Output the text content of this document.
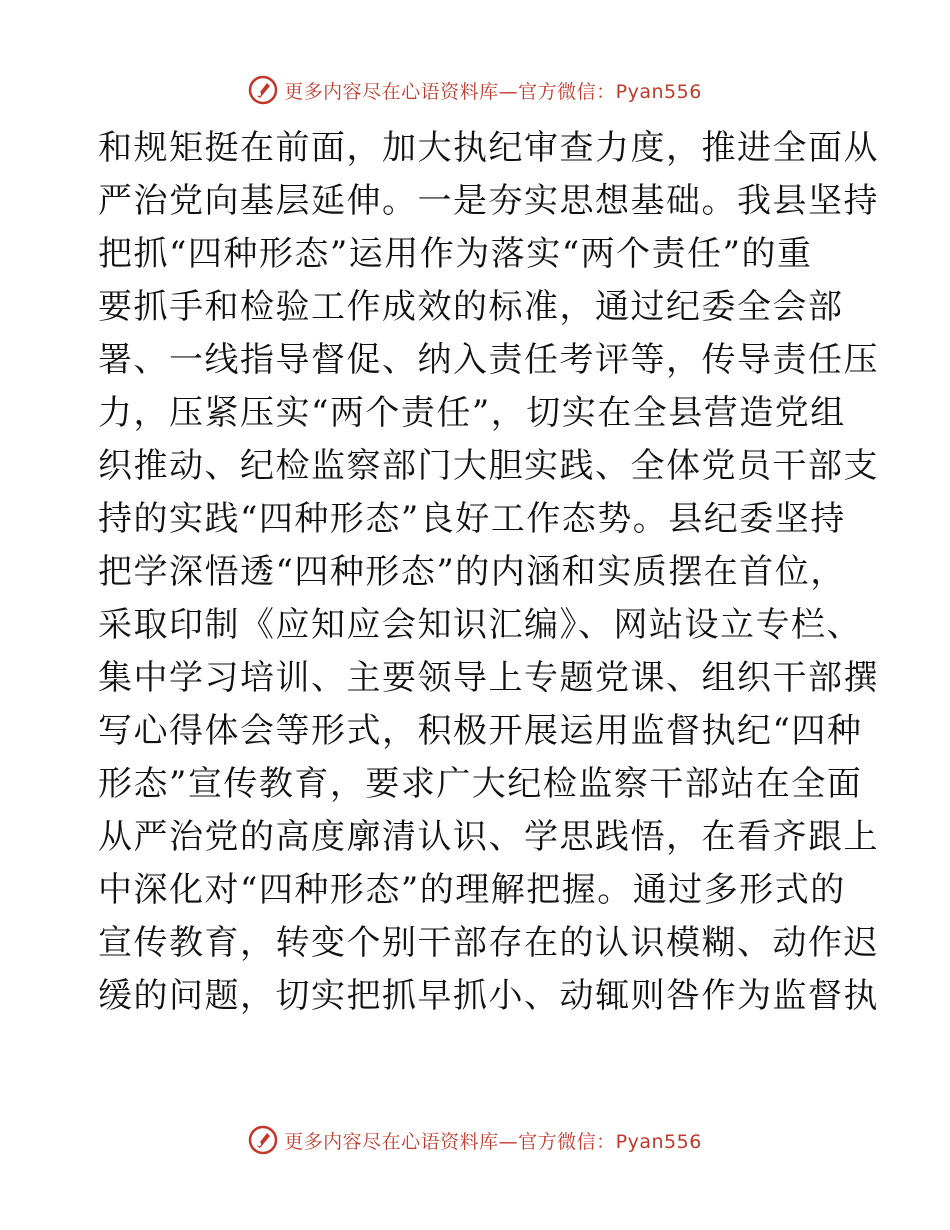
更多内容尽在心语资料库—官方微信：Pyan556
和规矩挺在前面，加大执纪审查力度，推进全面从
严治党向基层延伸。一是夯实思想基础。我县坚持
把抓“四种形态”运用作为落实“两个责任”的重
要抓手和检验工作成效的标准，通过纪委全会部
署、一线指导督促、纳入责任考评等，传导责任压
力，压紧压实“两个责任”，切实在全县营造党组
织推动、纪检监察部门大胆实践、全体党员干部支
持的实践“四种形态”良好工作态势。县纪委坚持
把学深悟透“四种形态”的内涵和实质摆在首位，
采取印制《应知应会知识汇编》、网站设立专栏、
集中学习培训、主要领导上专题党课、组织干部撰
写心得体会等形式，积极开展运用监督执纪“四种
形态”宣传教育，要求广大纪检监察干部站在全面
从严治党的高度廓清认识、学思践悟，在看齐跟上
中深化对“四种形态”的理解把握。通过多形式的
宣传教育，转变个别干部存在的认识模糊、动作迟
缓的问题，切实把抓早抓小、动辄则咎作为监督执
更多内容尽在心语资料库—官方微信：Pyan556
